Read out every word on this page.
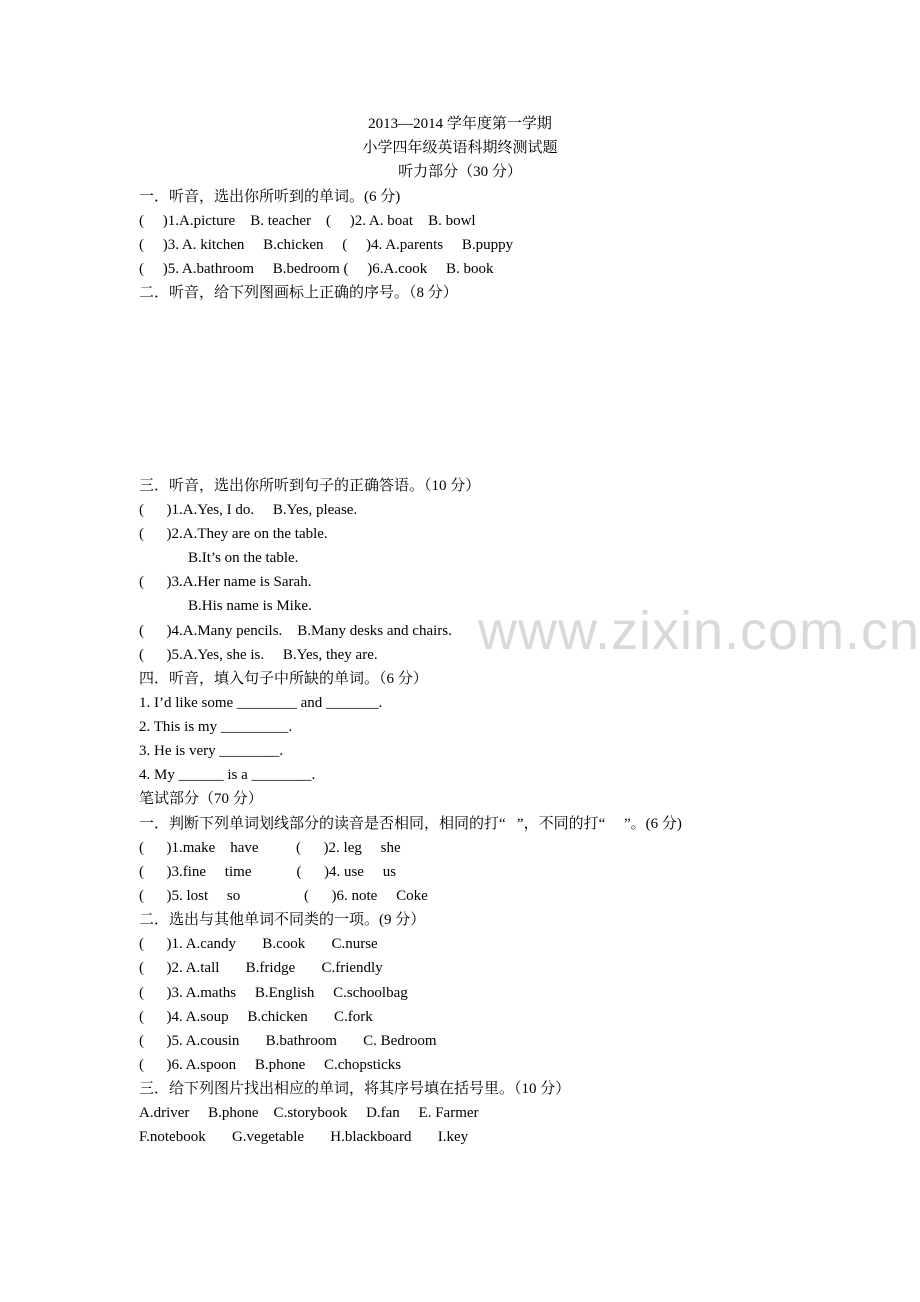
2013—2014 学年度第一学期
小学四年级英语科期终测试题
听力部分（30 分）
一．听音，选出你所听到的单词。(6 分)
(     )1.A.picture    B. teacher    (     )2. A. boat    B. bowl
(     )3. A. kitchen     B.chicken     (     )4. A.parents     B.puppy
(     )5. A.bathroom     B.bedroom (     )6.A.cook     B. book
二．听音，给下列图画标上正确的序号。（8 分）
三．听音，选出你所听到句子的正确答语。（10 分）
(      )1.A.Yes, I do.     B.Yes, please.
(      )2.A.They are on the table.
B.It’s on the table.
(      )3.A.Her name is Sarah.
B.His name is Mike.
(      )4.A.Many pencils.    B.Many desks and chairs.
(      )5.A.Yes, she is.     B.Yes, they are.
四．听音，填入句子中所缺的单词。（6 分）
1. I’d like some ________ and _______.
2. This is my _________.
3. He is very ________.
4. My ______ is a ________.
笔试部分（70 分）
一．判断下列单词划线部分的读音是否相同，相同的打“   ”，不同的打“     ”。(6 分)
(      )1.make    have          (      )2. leg     she
(      )3.fine     time            (      )4. use     us
(      )5. lost     so                 (      )6. note     Coke
二．选出与其他单词不同类的一项。(9 分）
(      )1. A.candy       B.cook       C.nurse
(      )2. A.tall       B.fridge       C.friendly
(      )3. A.maths     B.English     C.schoolbag
(      )4. A.soup     B.chicken       C.fork
(      )5. A.cousin       B.bathroom       C. Bedroom
(      )6. A.spoon     B.phone     C.chopsticks
三．给下列图片找出相应的单词，将其序号填在括号里。（10 分）
A.driver     B.phone    C.storybook     D.fan     E. Farmer
F.notebook       G.vegetable       H.blackboard       I.key
www.zixin.com.cn
